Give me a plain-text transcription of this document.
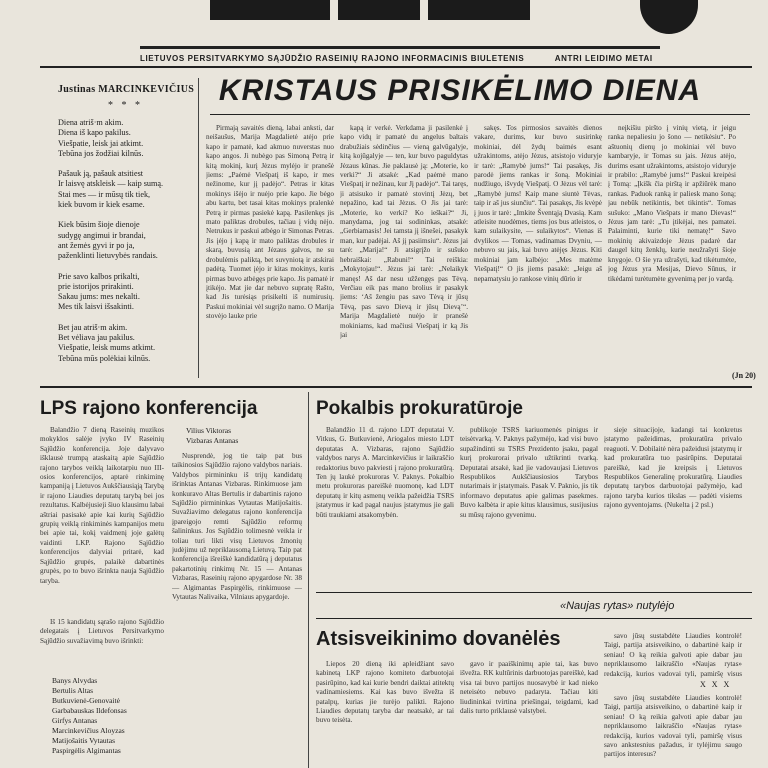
LIETUVOS PERSITVARKYMO SĄJŪDŽIO RASEINIŲ RAJONO INFORMACINIS BIULETENIS	ANTRI LEIDIMO METAI
Justinas MARCINKEVIČIUS
* * *
Diena atriš·m akim.
Diena iš kapo pakilus.
Viešpatie, leisk jai atkimt.
Tebūna jos žodžiai kilnūs.
Pašauk ją, pašauk atsitiest
Ir laisvę atskleisk — kaip sumą.
Stai mes — ir mūsų tik tiek,
kiek buvom ir kiek esame.
Kiek būsim šioje dienoje
sudygę angimui ir brandai,
ant žemės gyvi ir po ja,
paženklinti lietuvybės randais.
Prie savo kalbos prikalti,
prie istorijos prirakinti.
Sakau jums: mes nekalti.
Mes tik laisvi išsakinti.
Bet jau atriš·m akim.
Bet vėliava jau pakilus.
Viešpatie, leisk mums atkimt.
Tebūna mūs polėkiai kilnūs.
KRISTAUS PRISIKĖLIMO DIENA

Pirmają savaitės dieną, labai anksti, dar neišaušus, Marija Magdalietė atėjo prie kapo ir pamatė, kad akmuo nuverstas nuo kapo angos. Ji nubėgo pas Simoną Petrą ir kitą mokinį, kurį Jėzus mylėjo ir pranešė jiems: „Paėmė Viešpatį iš kapo, ir mes nežinome, kur jį padėjo“. Petras ir kitas mokinys išėjo ir nuėjo prie kapo. Jie bėgo abu kartu, bet tasai kitas mokinys pralenkė Petrą ir pirmas pasiekė kapą. Pasilenkęs jis mato paliktas drobules, tačiau į vidų nėjo. Netrukus ir paskui atbėgo ir Simonas Petras. Jis įėjo į kapą ir mato paliktas drobules ir skarą, buvusią ant Jėzaus galvos, ne su drobulėmis paliktą, bet suvyniotą ir atskirai padėtą. Tuomet įėjo ir kitas mokinys, kuris pirmas buvo atbėgęs prie kapo. Jis pamatė ir įtikėjo. Mat jie dar nebuvo supratę Rašto, kad Jis turėsiąs prisikelti iš numirusių. Paskui mokiniai vėl sugrįžo namo. O Marija stovėjo lauke prie

kapą ir verkė. Verkdama ji pasilenkė į kapo vidų ir pamatė du angelus baltais drabužiais sėdinčius — vieną galvūgalyje, kitą kojūgalyje — ten, kur buvo paguldytas Jėzaus kūnas. Jie paklausė ją: „Moterie, ko verki?“ Ji atsakė: „Kad paėmė mano Viešpatį ir nežinau, kur Jį padėjo“. Tai taręs, ji atsisuko ir pamatė stovintį Jėzų, bet nepažino, kad tai Jėzus. O Jis jai tarė: „Moterie, ko verki? Ko ieškai?“ Ji, manydama, jog tai sodininkas, atsakė: „Gerbiamasis! Jei tamsta jį išnešei, pasakyk man, kur padėjai. Aš jį pasiimsiu“. Jėzus jai tarė: „Marija!“ Ji atsigrįžo ir sušuko hebraiškai: „Rabuni!“ Tai reiškia: „Mokytojau!“. Jėzus jai tarė: „Nelaikyk manęs! Aš dar nesu užžengęs pas Tėvą. Verčiau eik pas mano brolius ir pasakyk jiems: ‘Aš žengiu pas savo Tėvą ir jūsų Tėvą, pas savo Dievą ir jūsų Dievą’“. Marija Magdalietė nuėjo ir pranešė mokiniams, kad mačiusi Viešpatį ir ką Jis jai

sakęs. Tos pirmosios savaitės dienos vakare, durims, kur buvo susirinkę mokiniai, dėl žydų baimės esant užrakintoms, atėjo Jėzus, atsistojo viduryje ir tarė: „Ramybė jums!“ Tai pasakęs, Jis parodė jiems rankas ir šoną. Mokiniai nudžiugo, išvydę Viešpatį. O Jėzus vėl tarė: „Ramybė jums! Kaip mane siuntė Tėvas, taip ir aš jus siunčiu“. Tai pasakęs, Jis kvėpė į juos ir tarė: „Imkite Šventąją Dvasią. Kam atleisite nuodėmes, tiems jos bus atleistos, o kam sulaikysite, — sulaikytos“. Vienas iš dvylikos — Tomas, vadinamas Dvyniu, — nebuvo su jais, kai buvo atėjęs Jėzus. Kiti mokiniai jam kalbėjo: „Mes matėme Viešpatį!“ O jis jiems pasakė: „Jeigu aš nepamatysiu jo rankose vinių dūrio ir

neįkišiu piršto į vinių vietą, ir jeigu ranka nepaliesiu jo šono — netikėsiu“. Po aštuonių dienų jo mokiniai vėl buvo kambaryje, ir Tomas su jais. Jėzus atėjo, durims esant užrakintoms, atsistojo viduryje ir prabilo: „Ramybė jums!“ Paskui kreipėsi į Tomą: „Įkišk čia pirštą ir apžiūrėk mano rankas. Paduok ranką ir paliesk mano šoną; jau nebūk netikintis, bet tikintis“. Tomas sušuko: „Mano Viešpats ir mano Dievas!“ Jėzus jam tarė: „Tu įtikėjai, nes pamatei. Palaiminti, kurie tiki nematę!“ Savo mokinių akivaizdoje Jėzus padarė dar daugel kitų ženklų, kurie neužrašyti šioje knygoje. O šie yra užrašyti, kad tikėtumėte, jog Jėzus yra Mesijas, Dievo Sūnus, ir tikėdami turėtumėte gyvenimą per jo vardą.

(Jn 20)
LPS rajono konferencija

Balandžio 7 dieną Raseinių muzikos mokyklos salėje įvyko IV Raseinių Sąjūdžio konferencija. Joje dalyvavo išklausė trumpą ataskaitą apie Sąjūdžio rajono tarybos veiklą laikotarpiu nuo III-osios konferencijos, aptarė rinkiminę kampaniją į Lietuvos Aukščiausiąją Tarybą ir rajono Liaudies deputatų tarybą bei jos rezultatus. Kalbėjusieji šiuo klausimu labai aštriai pasisakė apie kai kurių Sąjūdžio grupių veiklą rinkiminės kampanijos metu bei apie tai, kokį vaidmenį joje galėtų vaidinti LKP. Rajono Sąjūdžio konferencijos dalyviai pritarė, kad Sąjūdžio grupės, palaikė dabartinės grupės, po to buvo išrinkta nauja Sąjūdžio taryba.

Iš 15 kandidatų sąrašo rajono Sąjūdžio delegatais į Lietuvos Persitvarkymo Sąjūdžio suvažiavimą buvo išrinkti:

Banys Alvydas
Bertulis Altas
Butkuvienė-Genovaitė
Garbabauskas Ildefonsas
Girfys Antanas
Marcinkevičius Aloyzas
Matijošaitis Vytautas
Paspirgėlis Algimantas
Vilius Viktoras
Vizbaras Antanas

Nusprendė, jog tie taip pat bus taikinosios Sąjūdžio rajono valdybos nariais. Valdybos pirmininku iš trijų kandidatų išrinktas Antanas Vizbaras. Rinkimuose jam konkuravo Altas Bertulis ir dabartinis rajono Sąjūdžio pirmininkas Vytautas Matijošaitis. Suvažiavimo delegatus rajono konferencija įpareigojo remti Sąjūdžio reformų šalininkus. Jos Sąjūdžio tolimesnė veikla ir toliau turi likti visų Lietuvos žmonių judėjimu už nepriklausomą Lietuvą. Taip pat konferencija išreiškė kandidatūrą į deputatus pakartotinių rinkimų Nr. 15 — Antanas Vizbaras, Raseinių rajono apygardose Nr. 38 — Algimantas Paspirgėlis, rinkimuose — Vytautas Nalivaika, Vilniaus apygardoje.

Pokalbis prokuratūroje

Balandžio 11 d. rajono LDT deputatai V. Vitkus, G. Butkuvienė, Ariogalos miesto LDT deputatas A. Vizbaras, rajono Sąjūdžio valdybos narys A. Marcinkevičius ir laikraščio redaktorius buvo pakviesti į rajono prokuratūrą. Ten jų laukė prokuroras V. Paknys. Pokalbio metu prokuroras pareiškė nuomonę, kad LDT deputatų ir kitų asmenų veikla pažeidžia TSRS įstatymus ir kad pagal naujus įstatymus jie gali būti traukiami atsakomybėn.

publikoje TSRS kariuomenės pinigus ir teisėtvarką. V. Paknys pažymėjo, kad visi buvo supažindinti su TSRS Prezidento įsaku, pagal kurį prokurorai privalo užtikrinti tvarką. Deputatai atsakė, kad jie vadovaujasi Lietuvos Respublikos Aukščiausiosios Tarybos nutarimais ir įstatymais. Pasak V. Paknio, jis tik informavo deputatus apie galimas pasekmes. Buvo kalbėta ir apie kitus klausimus, susijusius su mūsų rajono gyvenimu.

sieje situacijoje, kadangi tai konkretus įstatymo pažeidimas, prokuratūra privalo reaguoti. V. Dobilaitė nėra pažeidusi įstatymų ir kad prokuratūra tuo pasirūpins. Deputatai pareiškė, kad jie kreipsis į Lietuvos Respublikos Generalinę prokuratūrą. Liaudies deputatų tarybos darbuotojai pažymėjo, kad rajono taryba kurios tikslas — padėti visiems rajono gyventojams. (Nukelta į 2 psl.)

«Naujas rytas» nutylėjo
Atsisveikinimo dovanėlės

Liepos 20 dieną iki apleidžiant savo kabinetą LKP rajono komiteto darbuotojai pasirūpino, kad kai kurie bendri daiktai atitektų vadinamiesiems. Kai kas buvo išvežta iš patalpų, kurias jie turėjo palikti. Rajono Liaudies deputatų taryba dar neatsakė, ar tai buvo teisėta.

gavo ir paaiškinimų apie tai, kas buvo išvežta. RK kultūrinis darbuotojas pareiškė, kad visa tai buvo partijos nuosavybė ir kad nieko neteisėto nebuvo padaryta. Tačiau kiti liudininkai tvirtina priešingai, teigdami, kad dalis turto priklausė valstybei.

savo jūsų sustabdėte Liaudies kontrolė! Taigi, partija atsisveikino, o dabartinė kaip ir seniau! O ką reikia galvoti apie dabar jau nepriklausomo laikraščio «Naujas rytas» redakciją, kurios vadovai tyli, pamiršę visus

X X X

savo jūsų sustabdėte Liaudies kontrolė! Taigi, partija atsisveikino, o dabartinė kaip ir seniau! O ką reikia galvoti apie dabar jau nepriklausomo laikraščio «Naujas rytas» redakciją, kurios vadovai tyli, pamiršę visus savo ankstesnius pažadus, ir tylėjimu saugo partijos interesus?
